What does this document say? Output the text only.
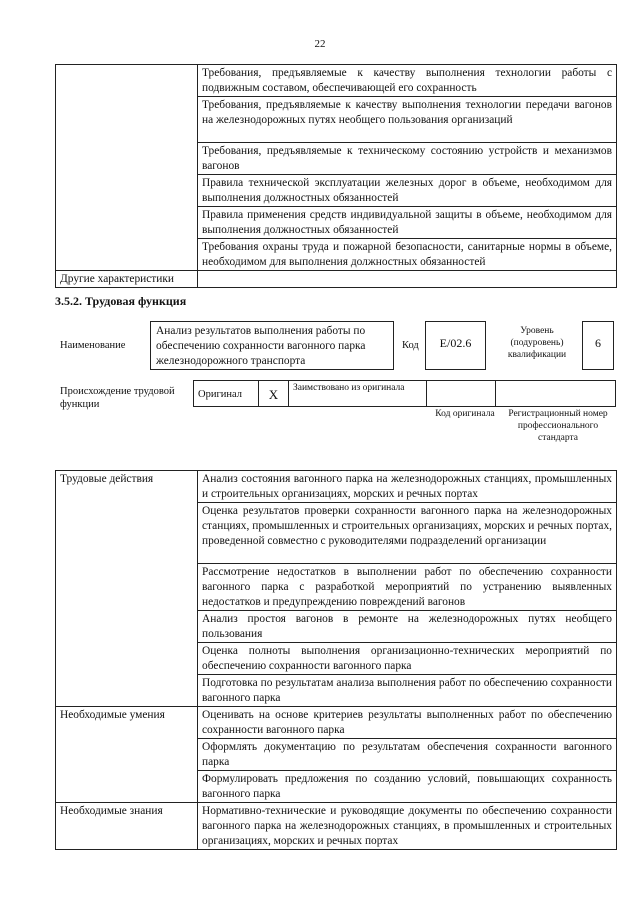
22
	Требования, предъявляемые к качеству выполнения технологии работы с подвижным составом, обеспечивающей его сохранность
	Требования, предъявляемые к качеству выполнения технологии передачи вагонов на железнодорожных путях необщего пользования организаций
	Требования, предъявляемые к техническому состоянию устройств и механизмов вагонов
	Правила технической эксплуатации железных дорог в объеме, необходимом для выполнения должностных обязанностей
	Правила применения средств индивидуальной защиты в объеме, необходимом для выполнения должностных обязанностей
	Требования охраны труда и пожарной безопасности, санитарные нормы в объеме, необходимом для выполнения должностных обязанностей
Другие характеристики	
3.5.2. Трудовая функция
Наименование
Анализ результатов выполнения работы по обеспечению сохранности вагонного парка железнодорожного транспорта
Код	E/02.6
Уровень (подуровень) квалификации
6
Происхождение трудовой функции
Оригинал	X	Заимствовано из оригинала		
Код оригинала	Регистрационный номер профессионального стандарта
Трудовые действия	Анализ состояния вагонного парка на железнодорожных станциях, промышленных и строительных организациях, морских и речных портах
	Оценка результатов проверки сохранности вагонного парка на железнодорожных станциях, промышленных и строительных организациях, морских и речных портах, проведенной совместно с руководителями подразделений организации
	Рассмотрение недостатков в выполнении работ по обеспечению сохранности вагонного парка с разработкой мероприятий по устранению выявленных недостатков и предупреждению повреждений вагонов
	Анализ простоя вагонов в ремонте на железнодорожных путях необщего пользования
	Оценка полноты выполнения организационно-технических мероприятий по обеспечению сохранности вагонного парка
	Подготовка по результатам анализа выполнения работ по обеспечению сохранности вагонного парка
Необходимые умения	Оценивать на основе критериев результаты выполненных работ по обеспечению сохранности вагонного парка
	Оформлять документацию по результатам обеспечения сохранности вагонного парка
	Формулировать предложения по созданию условий, повышающих сохранность вагонного парка
Необходимые знания	Нормативно-технические и руководящие документы по обеспечению сохранности вагонного парка на железнодорожных станциях, в промышленных и строительных организациях, морских и речных портах
